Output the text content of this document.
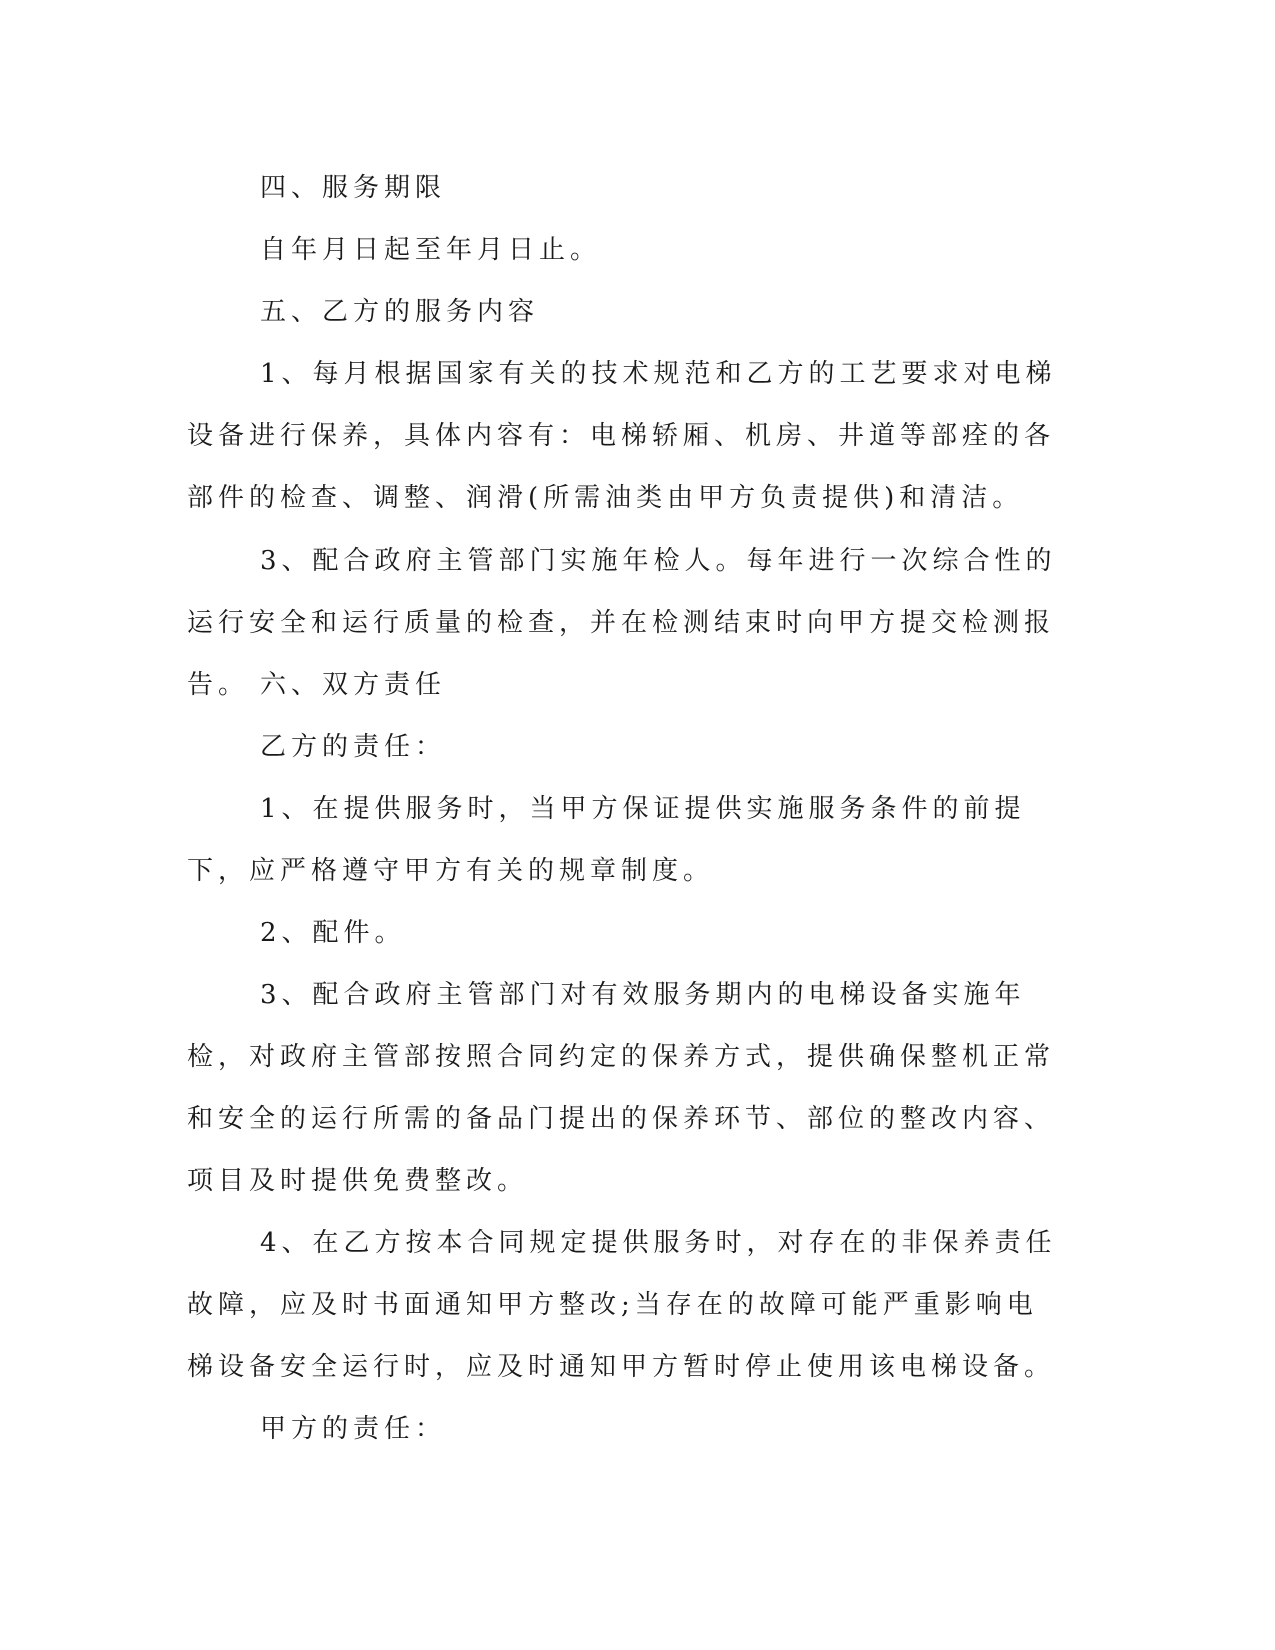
四、服务期限

自年月日起至年月日止。

五、乙方的服务内容

1、每月根据国家有关的技术规范和乙方的工艺要求对电梯设备进行保养，具体内容有：电梯轿厢、机房、井道等部痊的各部件的检查、调整、润滑(所需油类由甲方负责提供)和清洁。

3、配合政府主管部门实施年检人。每年进行一次综合性的运行安全和运行质量的检查，并在检测结束时向甲方提交检测报告。 六、双方责任

乙方的责任：

1、在提供服务时，当甲方保证提供实施服务条件的前提下，应严格遵守甲方有关的规章制度。

2、配件。

3、配合政府主管部门对有效服务期内的电梯设备实施年检，对政府主管部按照合同约定的保养方式，提供确保整机正常和安全的运行所需的备品门提出的保养环节、部位的整改内容、项目及时提供免费整改。

4、在乙方按本合同规定提供服务时，对存在的非保养责任故障，应及时书面通知甲方整改;当存在的故障可能严重影响电梯设备安全运行时，应及时通知甲方暂时停止使用该电梯设备。

甲方的责任：
